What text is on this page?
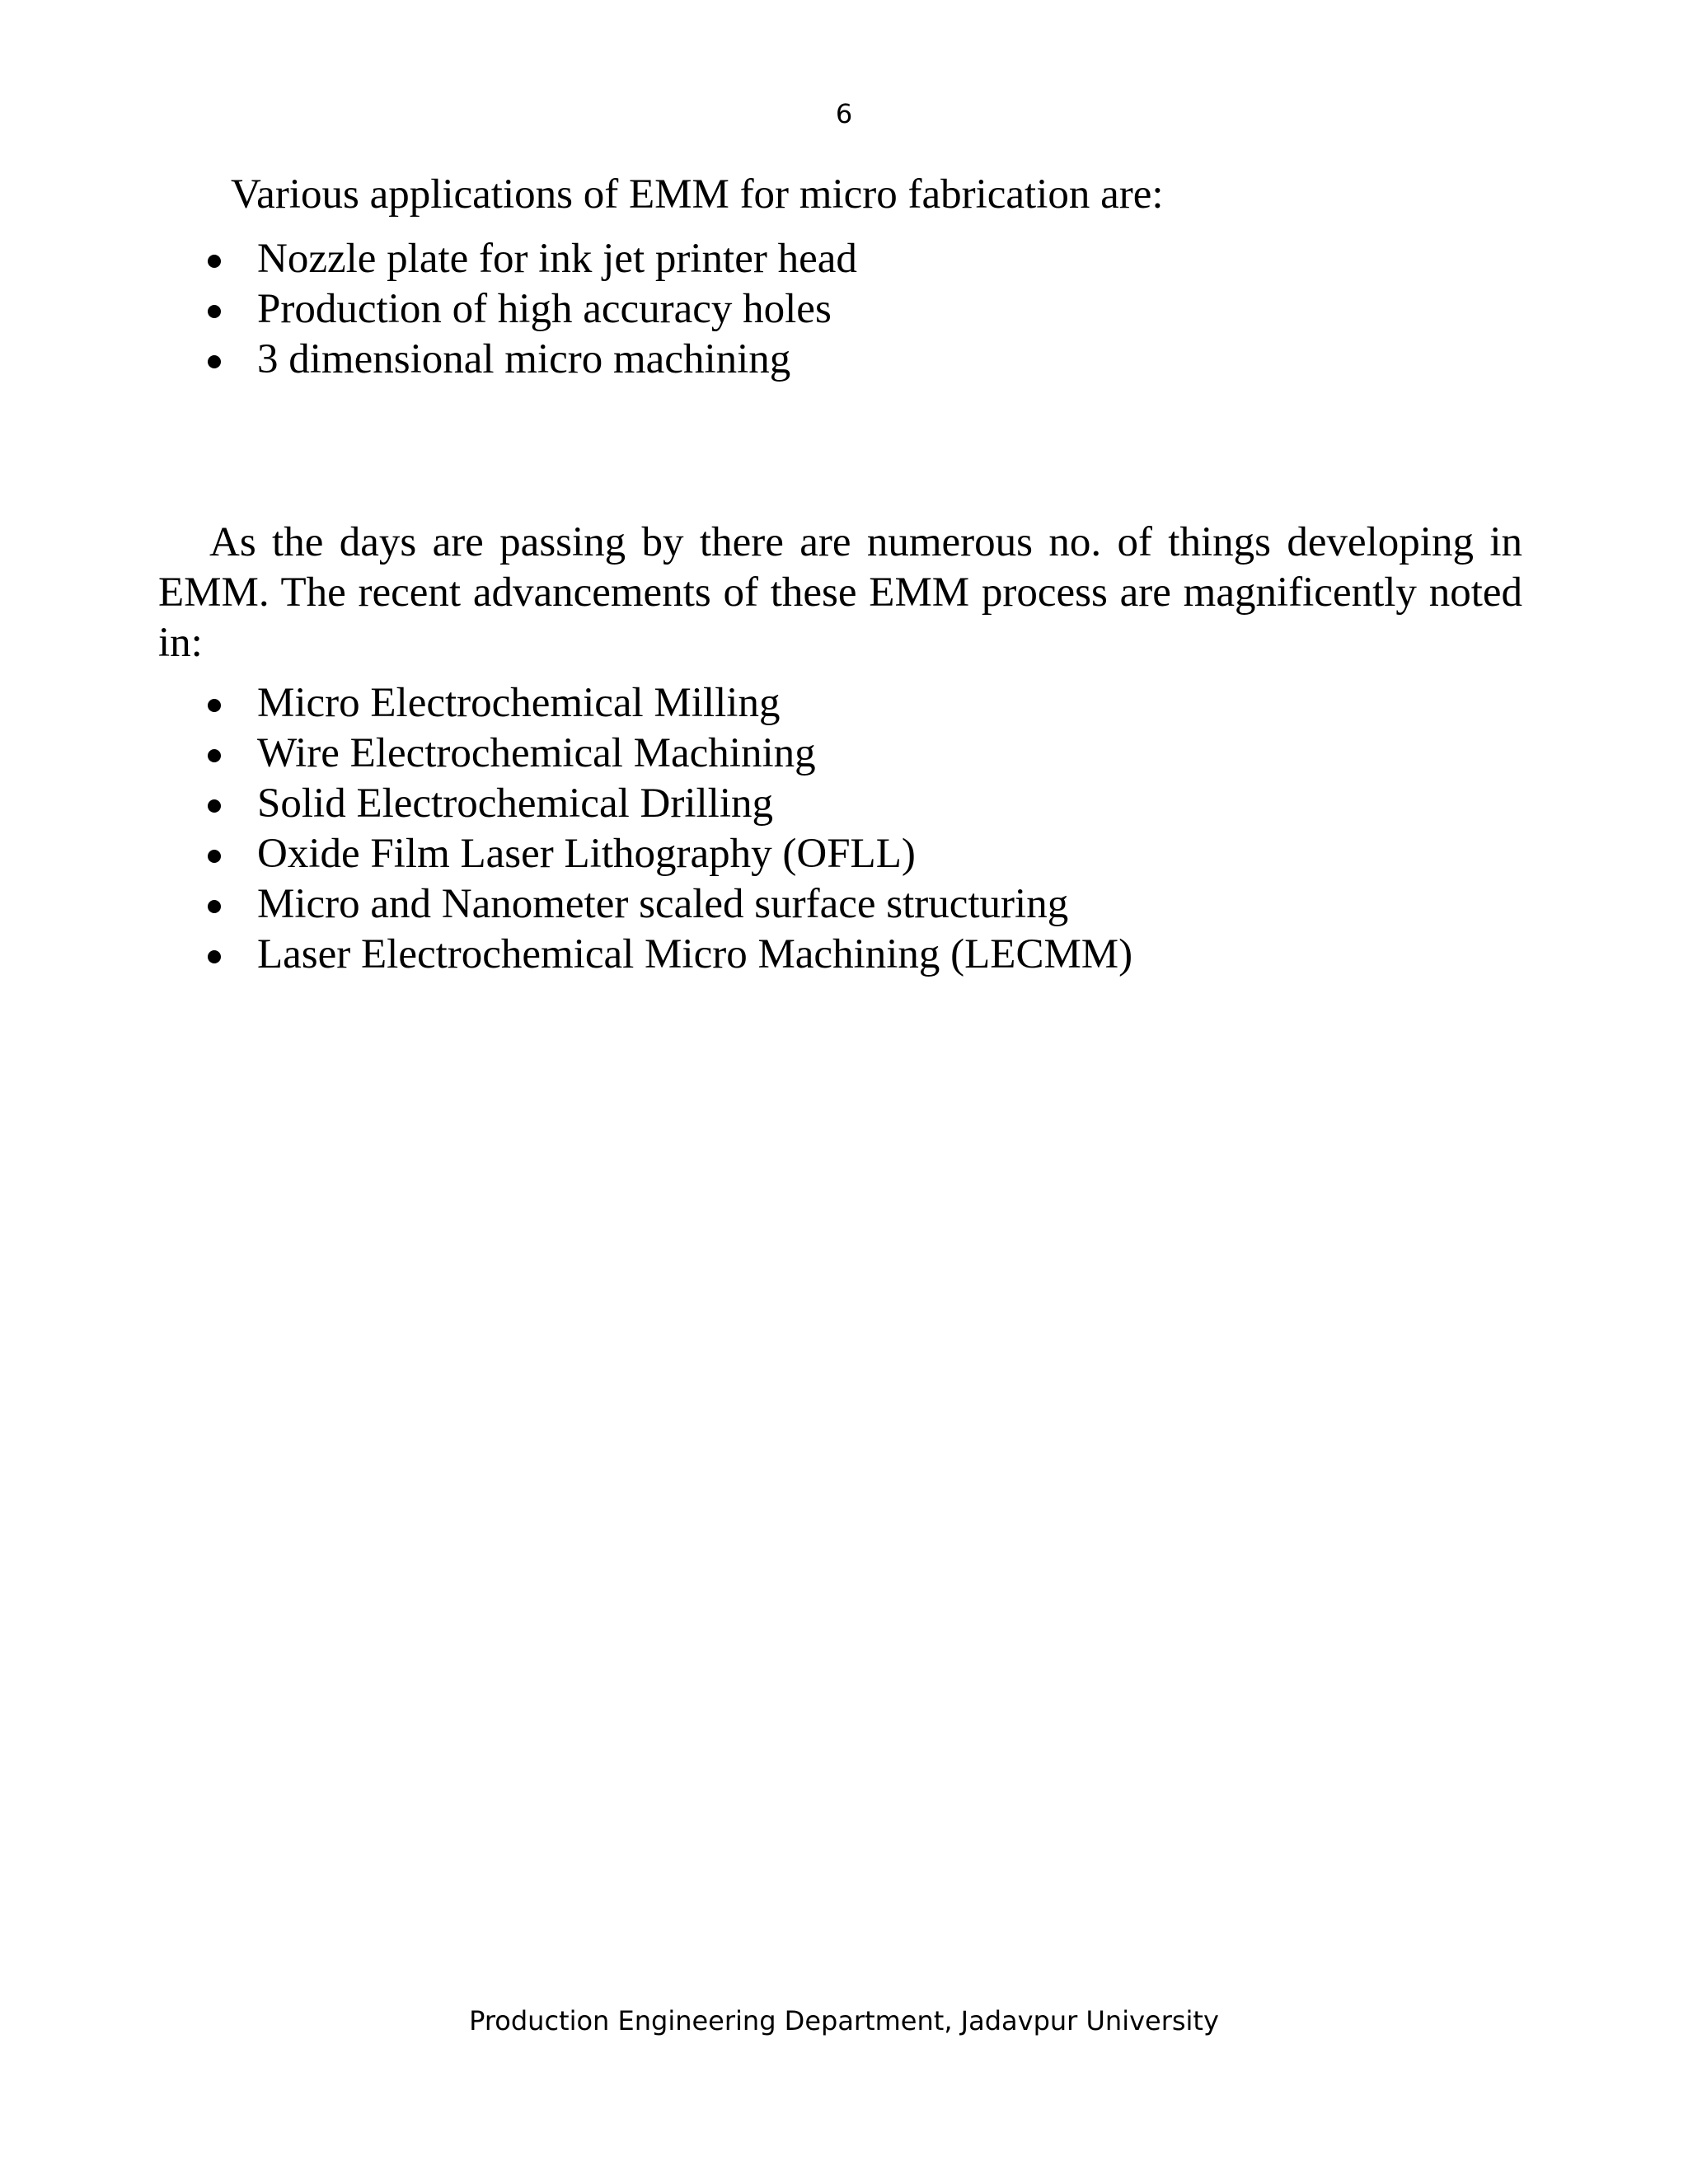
6

Various applications of EMM for micro fabrication are:

Nozzle plate for ink jet printer head
Production of high accuracy holes
3 dimensional micro machining

As the days are passing by there are numerous no. of things developing in EMM. The recent advancements of these EMM process are magnificently noted in:

Micro Electrochemical Milling
Wire Electrochemical Machining
Solid Electrochemical Drilling
Oxide Film Laser Lithography (OFLL)
Micro and Nanometer scaled surface structuring
Laser Electrochemical Micro Machining (LECMM)
Production Engineering Department, Jadavpur University
